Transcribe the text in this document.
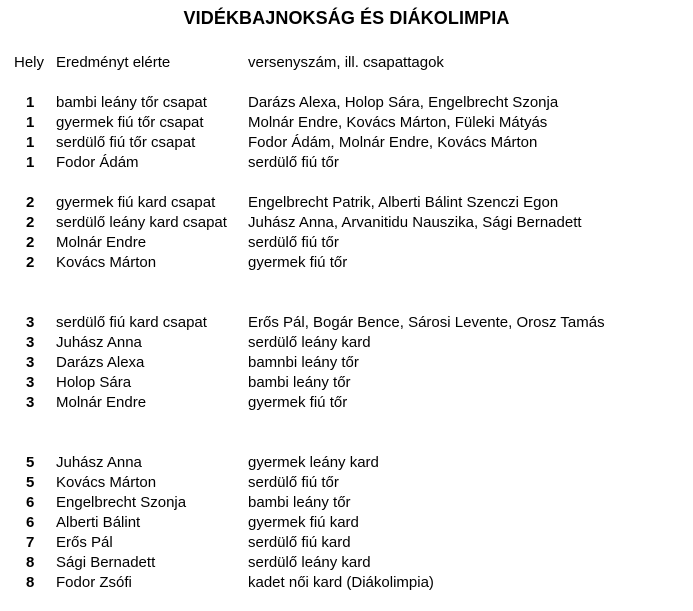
VIDÉKBAJNOKSÁG ÉS DIÁKOLIMPIA
Hely Eredményt elérte	versenyszám, ill. csapattagok
1	bambi leány tőr csapat	Darázs Alexa, Holop Sára, Engelbrecht Szonja
1	gyermek fiú tőr csapat	Molnár Endre, Kovács Márton, Füleki Mátyás
1	serdülő fiú tőr csapat	Fodor Ádám, Molnár Endre, Kovács Márton
1	Fodor Ádám	serdülő fiú tőr
2	gyermek fiú kard csapat	Engelbrecht Patrik, Alberti Bálint Szenczi Egon
2	serdülő leány kard csapat	Juhász Anna, Arvanitidu Nauszika, Sági Bernadett
2	Molnár Endre	serdülő fiú tőr
2	Kovács Márton	gyermek fiú tőr
3	serdülő fiú kard csapat	Erős Pál, Bogár Bence, Sárosi Levente, Orosz Tamás
3	Juhász Anna	serdülő leány kard
3	Darázs Alexa	bamnbi leány tőr
3	Holop Sára	bambi leány tőr
3	Molnár Endre	gyermek fiú tőr
5	Juhász Anna	gyermek leány kard
5	Kovács Márton	serdülő fiú tőr
6	Engelbrecht Szonja	bambi leány tőr
6	Alberti Bálint	gyermek fiú kard
7	Erős Pál	serdülő fiú kard
8	Sági Bernadett	serdülő leány kard
8	Fodor Zsófi	kadet női kard (Diákolimpia)
